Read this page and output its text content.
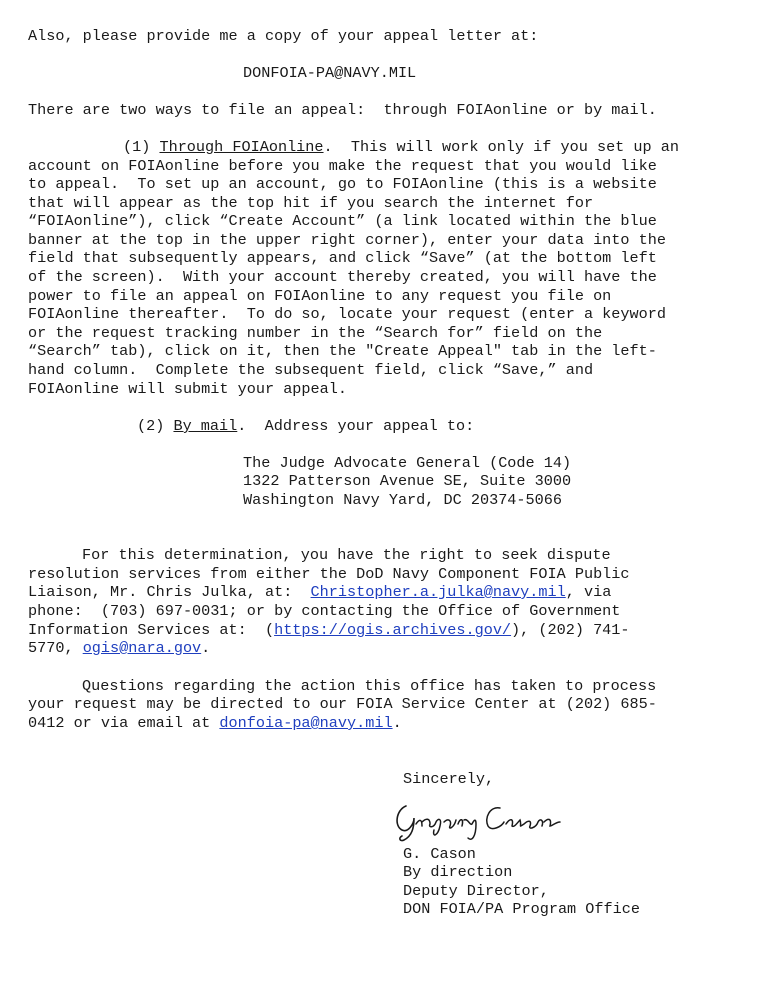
Also, please provide me a copy of your appeal letter at:
DONFOIA-PA@NAVY.MIL
There are two ways to file an appeal:  through FOIAonline or by mail.
(1) Through FOIAonline.  This will work only if you set up an
account on FOIAonline before you make the request that you would like
to appeal.  To set up an account, go to FOIAonline (this is a website
that will appear as the top hit if you search the internet for
“FOIAonline”), click “Create Account” (a link located within the blue
banner at the top in the upper right corner), enter your data into the
field that subsequently appears, and click “Save” (at the bottom left
of the screen).  With your account thereby created, you will have the
power to file an appeal on FOIAonline to any request you file on
FOIAonline thereafter.  To do so, locate your request (enter a keyword
or the request tracking number in the “Search for” field on the
“Search” tab), click on it, then the "Create Appeal" tab in the left-
hand column.  Complete the subsequent field, click “Save,” and
FOIAonline will submit your appeal.
(2) By mail.  Address your appeal to:
The Judge Advocate General (Code 14)
1322 Patterson Avenue SE, Suite 3000
Washington Navy Yard, DC 20374-5066
For this determination, you have the right to seek dispute
resolution services from either the DoD Navy Component FOIA Public
Liaison, Mr. Chris Julka, at:  Christopher.a.julka@navy.mil, via
phone:  (703) 697-0031; or by contacting the Office of Government
Information Services at:  (https://ogis.archives.gov/), (202) 741-
5770, ogis@nara.gov.
Questions regarding the action this office has taken to process
your request may be directed to our FOIA Service Center at (202) 685-
0412 or via email at donfoia-pa@navy.mil.
Sincerely,
G. Cason
By direction
Deputy Director,
DON FOIA/PA Program Office
